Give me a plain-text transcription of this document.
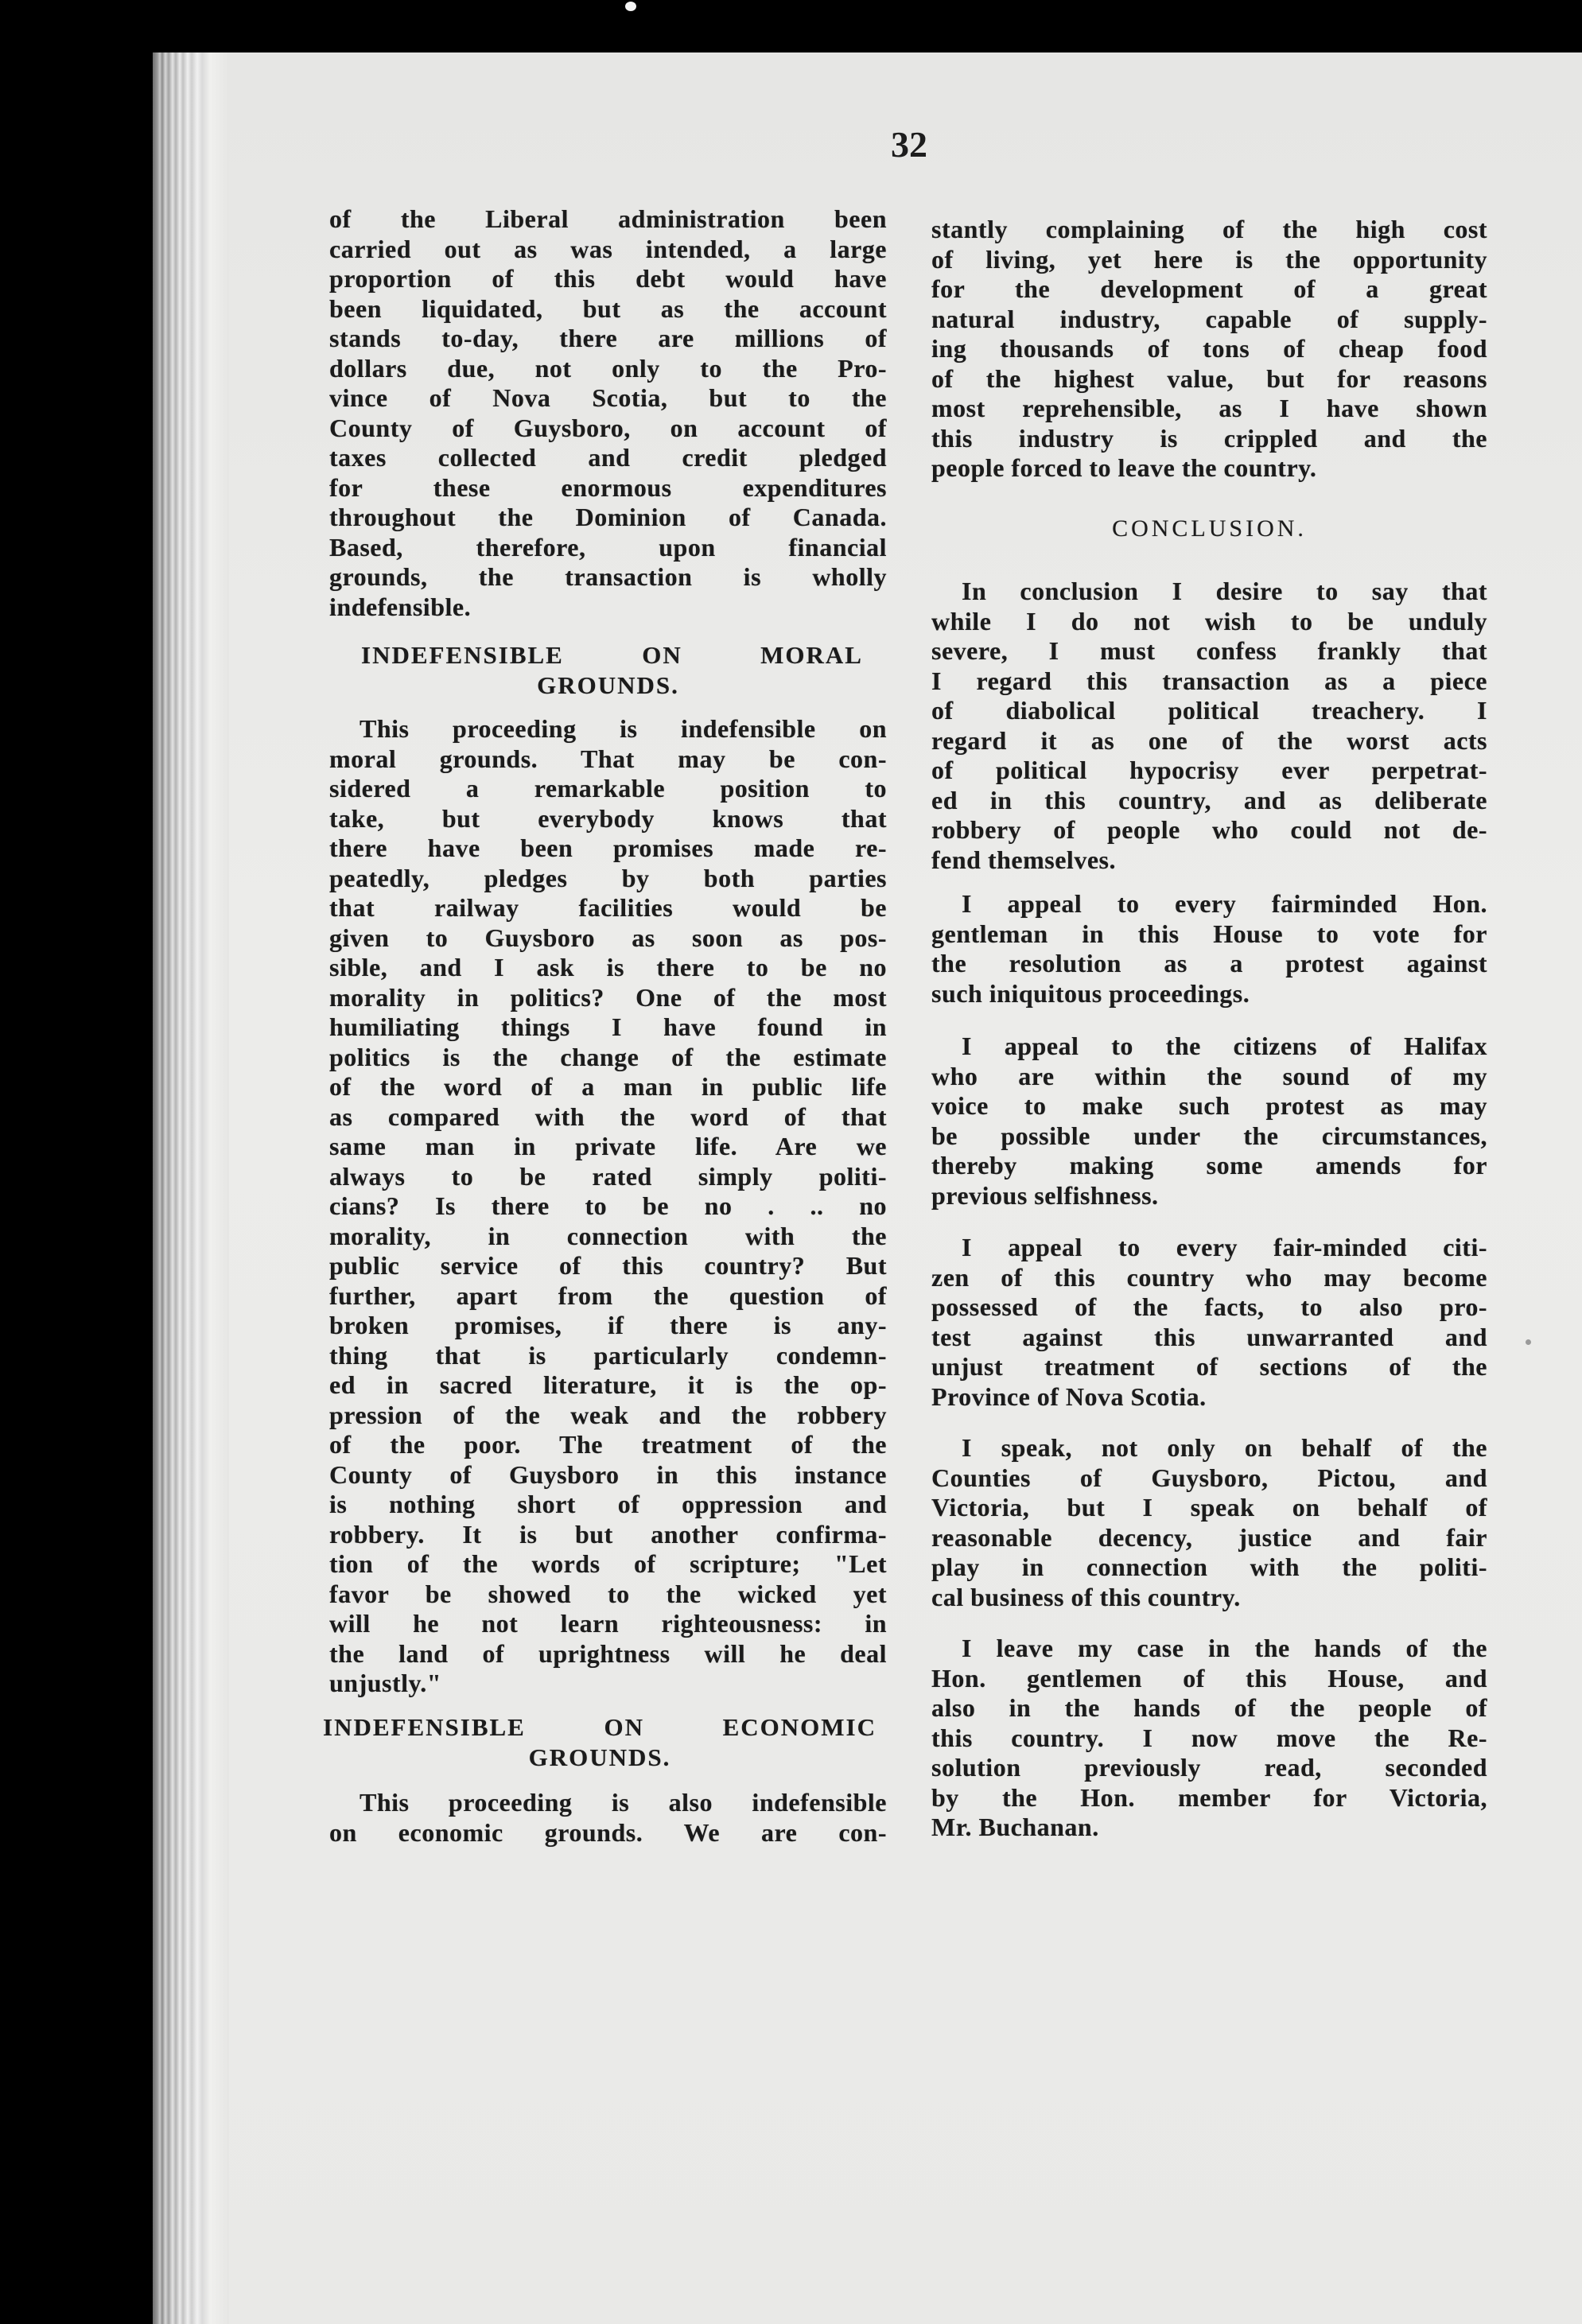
32
of the Liberal administration been
carried out as was intended, a large
proportion of this debt would have
been liquidated, but as the account
stands to-day, there are millions of
dollars due, not only to the Pro-
vince of Nova Scotia, but to the
County of Guysboro, on account of
taxes collected and credit pledged
for these enormous expenditures
throughout the Dominion of Canada.
Based, therefore, upon financial
grounds, the transaction is wholly
indefensible.
INDEFENSIBLE ON MORAL
GROUNDS.
This proceeding is indefensible on
moral grounds. That may be con-
sidered a remarkable position to
take, but everybody knows that
there have been promises made re-
peatedly, pledges by both parties
that railway facilities would be
given to Guysboro as soon as pos-
sible, and I ask is there to be no
morality in politics? One of the most
humiliating things I have found in
politics is the change of the estimate
of the word of a man in public life
as compared with the word of that
same man in private life. Are we
always to be rated simply politi-
cians? Is there to be no . .. no
morality, in connection with the
public service of this country? But
further, apart from the question of
broken promises, if there is any-
thing that is particularly condemn-
ed in sacred literature, it is the op-
pression of the weak and the robbery
of the poor. The treatment of the
County of Guysboro in this instance
is nothing short of oppression and
robbery. It is but another confirma-
tion of the words of scripture; "Let
favor be showed to the wicked yet
will he not learn righteousness: in
the land of uprightness will he deal
unjustly."
INDEFENSIBLE ON ECONOMIC
GROUNDS.
This proceeding is also indefensible
on economic grounds. We are con-
stantly complaining of the high cost
of living, yet here is the opportunity
for the development of a great
natural industry, capable of supply-
ing thousands of tons of cheap food
of the highest value, but for reasons
most reprehensible, as I have shown
this industry is crippled and the
people forced to leave the country.
CONCLUSION.
In conclusion I desire to say that
while I do not wish to be unduly
severe, I must confess frankly that
I regard this transaction as a piece
of diabolical political treachery. I
regard it as one of the worst acts
of political hypocrisy ever perpetrat-
ed in this country, and as deliberate
robbery of people who could not de-
fend themselves.
I appeal to every fairminded Hon.
gentleman in this House to vote for
the resolution as a protest against
such iniquitous proceedings.
I appeal to the citizens of Halifax
who are within the sound of my
voice to make such protest as may
be possible under the circumstances,
thereby making some amends for
previous selfishness.
I appeal to every fair-minded citi-
zen of this country who may become
possessed of the facts, to also pro-
test against this unwarranted and
unjust treatment of sections of the
Province of Nova Scotia.
I speak, not only on behalf of the
Counties of Guysboro, Pictou, and
Victoria, but I speak on behalf of
reasonable decency, justice and fair
play in connection with the politi-
cal business of this country.
I leave my case in the hands of the
Hon. gentlemen of this House, and
also in the hands of the people of
this country. I now move the Re-
solution previously read, seconded
by the Hon. member for Victoria,
Mr. Buchanan.
